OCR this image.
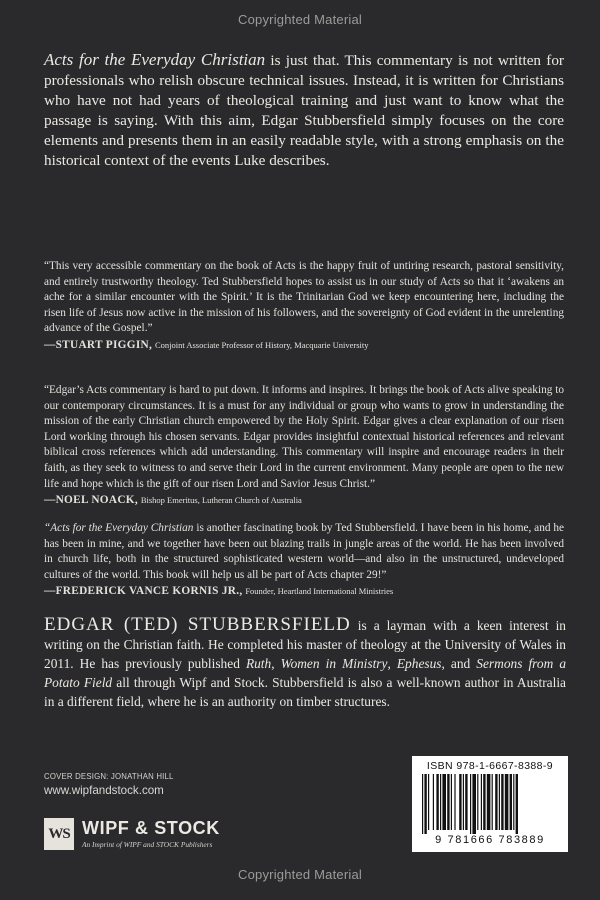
Copyrighted Material
Acts for the Everyday Christian is just that. This commentary is not written for professionals who relish obscure technical issues. Instead, it is written for Christians who have not had years of theological training and just want to know what the passage is saying. With this aim, Edgar Stubbersfield simply focuses on the core elements and presents them in an easily readable style, with a strong emphasis on the historical context of the events Luke describes.
“This very accessible commentary on the book of Acts is the happy fruit of untiring research, pastoral sensitivity, and entirely trustworthy theology. Ted Stubbersfield hopes to assist us in our study of Acts so that it ‘awakens an ache for a similar encounter with the Spirit.’ It is the Trinitarian God we keep encountering here, including the risen life of Jesus now active in the mission of his followers, and the sovereignty of God evident in the unrelenting advance of the Gospel.”
—STUART PIGGIN, Conjoint Associate Professor of History, Macquarie University
“Edgar’s Acts commentary is hard to put down. It informs and inspires. It brings the book of Acts alive speaking to our contemporary circumstances. It is a must for any individual or group who wants to grow in understanding the mission of the early Christian church empowered by the Holy Spirit. Edgar gives a clear explanation of our risen Lord working through his chosen servants. Edgar provides insightful contextual historical references and relevant biblical cross references which add understanding. This commentary will inspire and encourage readers in their faith, as they seek to witness to and serve their Lord in the current environment. Many people are open to the new life and hope which is the gift of our risen Lord and Savior Jesus Christ.”
—NOEL NOACK, Bishop Emeritus, Lutheran Church of Australia
“Acts for the Everyday Christian is another fascinating book by Ted Stubbersfield. I have been in his home, and he has been in mine, and we together have been out blazing trails in jungle areas of the world. He has been involved in church life, both in the structured sophisticated western world—and also in the unstructured, undeveloped cultures of the world. This book will help us all be part of Acts chapter 29!”
—FREDERICK VANCE KORNIS JR., Founder, Heartland International Ministries
EDGAR (TED) STUBBERSFIELD is a layman with a keen interest in writing on the Christian faith. He completed his master of theology at the University of Wales in 2011. He has previously published Ruth, Women in Ministry, Ephesus, and Sermons from a Potato Field all through Wipf and Stock. Stubbersfield is also a well-known author in Australia in a different field, where he is an authority on timber structures.
COVER DESIGN: JONATHAN HILL
www.wipfandstock.com
WS WIPF & STOCK
An Imprint of WIPF and STOCK Publishers
ISBN 978-1-6667-8388-9
9 781666 783889
Copyrighted Material
